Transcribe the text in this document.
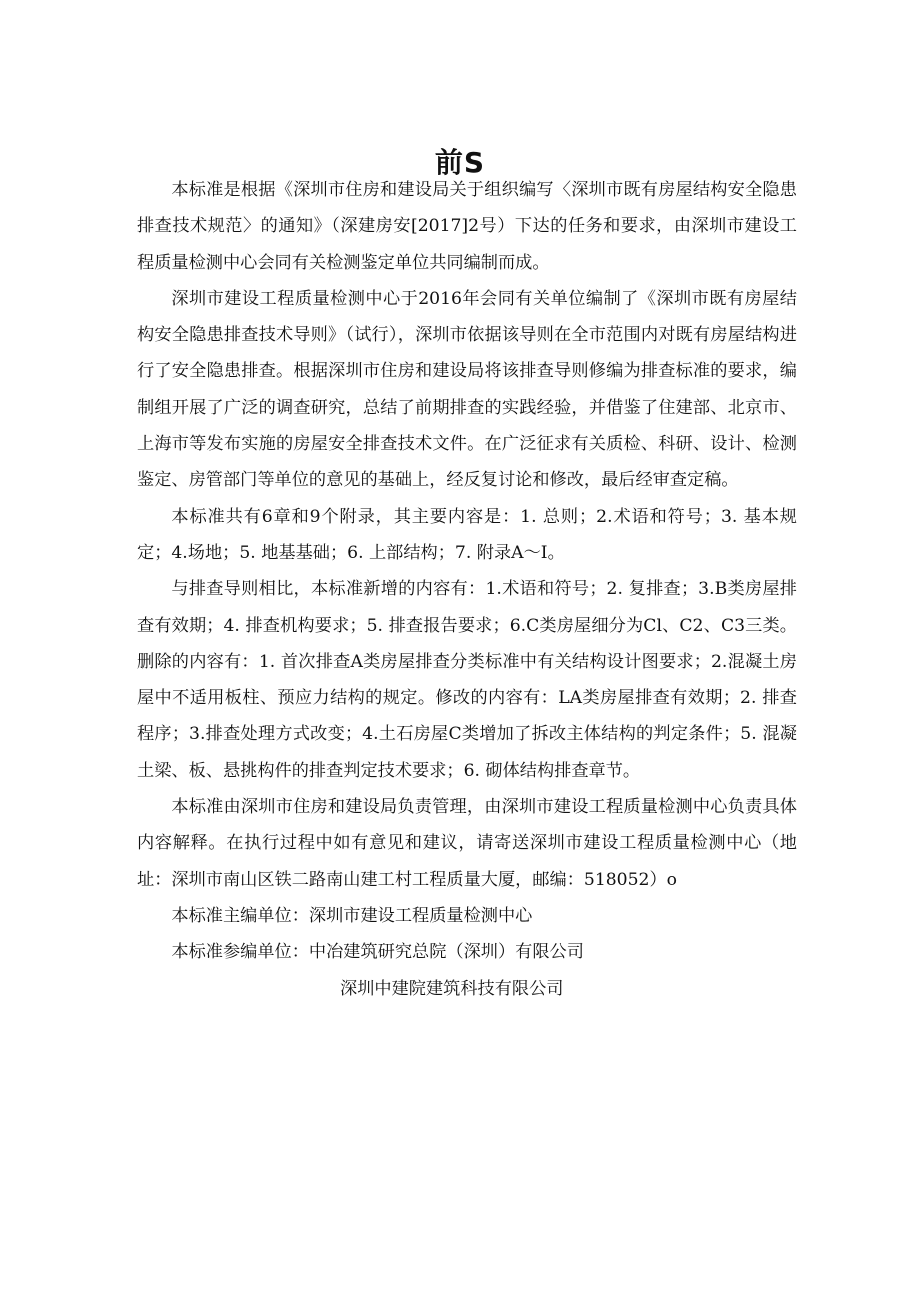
前S

本标准是根据《深圳市住房和建设局关于组织编写〈深圳市既有房屋结构安全隐患排查技术规范〉的通知》（深建房安[2017]2号）下达的任务和要求，由深圳市建设工程质量检测中心会同有关检测鉴定单位共同编制而成。

深圳市建设工程质量检测中心于2016年会同有关单位编制了《深圳市既有房屋结构安全隐患排查技术导则》（试行），深圳市依据该导则在全市范围内对既有房屋结构进行了安全隐患排查。根据深圳市住房和建设局将该排查导则修编为排查标准的要求，编制组开展了广泛的调查研究，总结了前期排查的实践经验，并借鉴了住建部、北京市、上海市等发布实施的房屋安全排查技术文件。在广泛征求有关质检、科研、设计、检测鉴定、房管部门等单位的意见的基础上，经反复讨论和修改，最后经审查定稿。

本标准共有6章和9个附录，其主要内容是：1. 总则；2.术语和符号；3. 基本规定；4.场地；5. 地基基础；6. 上部结构；7. 附录A～I。

与排查导则相比，本标准新增的内容有：1.术语和符号；2. 复排查；3.B类房屋排查有效期；4. 排查机构要求；5. 排查报告要求；6.C类房屋细分为Cl、C2、C3三类。删除的内容有：1. 首次排查A类房屋排查分类标准中有关结构设计图要求；2.混凝土房屋中不适用板柱、预应力结构的规定。修改的内容有：LA类房屋排查有效期；2. 排查程序；3.排查处理方式改变；4.土石房屋C类增加了拆改主体结构的判定条件；5. 混凝土梁、板、悬挑构件的排查判定技术要求；6. 砌体结构排查章节。

本标准由深圳市住房和建设局负责管理，由深圳市建设工程质量检测中心负责具体内容解释。在执行过程中如有意见和建议，请寄送深圳市建设工程质量检测中心（地址：深圳市南山区铁二路南山建工村工程质量大厦，邮编：518052）o

本标准主编单位：深圳市建设工程质量检测中心

本标准参编单位：中冶建筑研究总院（深圳）有限公司

深圳中建院建筑科技有限公司
